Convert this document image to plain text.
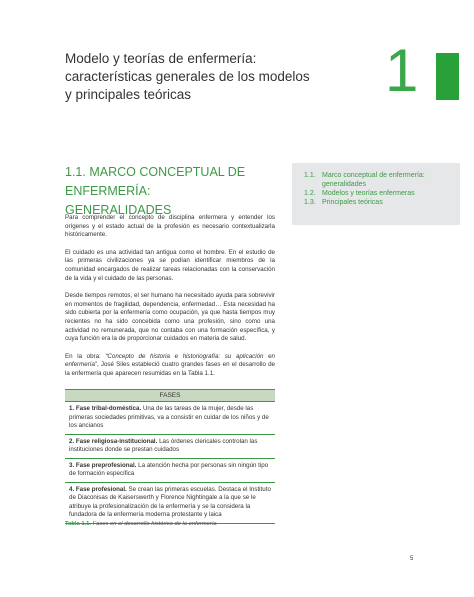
Modelo y teorías de enfermería:
características generales de los modelos
y principales teóricas	1
1.1. MARCO CONCEPTUAL DE ENFERMERÍA:
GENERALIDADES
1.1. Marco conceptual de enfermería: generalidades
1.2. Modelos y teorías enfermeras
1.3. Principales teóricas

Para comprender el concepto de disciplina enfermera y entender los orígenes y el estado actual de la profesión es necesario contextualizarla históricamente.

El cuidado es una actividad tan antigua como el hombre. En el estudio de las primeras civilizaciones ya se podían identificar miembros de la comunidad encargados de realizar tareas relacionadas con la conservación de la vida y el cuidado de las personas.

Desde tiempos remotos, el ser humano ha necesitado ayuda para sobrevivir en momentos de fragilidad, dependencia, enfermedad… Esta necesidad ha sido cubierta por la enfermería como ocupación, ya que hasta tiempos muy recientes no ha sido concebida como una profesión, sino como una actividad no remunerada, que no contaba con una formación específica, y cuya función era la de proporcionar cuidados en materia de salud.

En la obra: “Concepto de historia e historiografía: su aplicación en enfermería”, José Siles estableció cuatro grandes fases en el desarrollo de la enfermería que aparecen resumidas en la Tabla 1.1.

FASES
1. Fase tribal-doméstica. Una de las tareas de la mujer, desde las primeras sociedades primitivas, va a consistir en cuidar de los niños y de los ancianos
2. Fase religiosa-institucional. Las órdenes clericales controlan las instituciones donde se prestan cuidados
3. Fase preprofesional. La atención hecha por personas sin ningún tipo de formación específica
4. Fase profesional. Se crean las primeras escuelas. Destaca el Instituto de Diaconisas de Kaiserswerth y Florence Nightingale a la que se le atribuye la profesionalización de la enfermería y se la considera la fundadora de la enfermería moderna protestante y laica
Tabla 1.1. Fases en el desarrollo histórico de la enfermería
5
